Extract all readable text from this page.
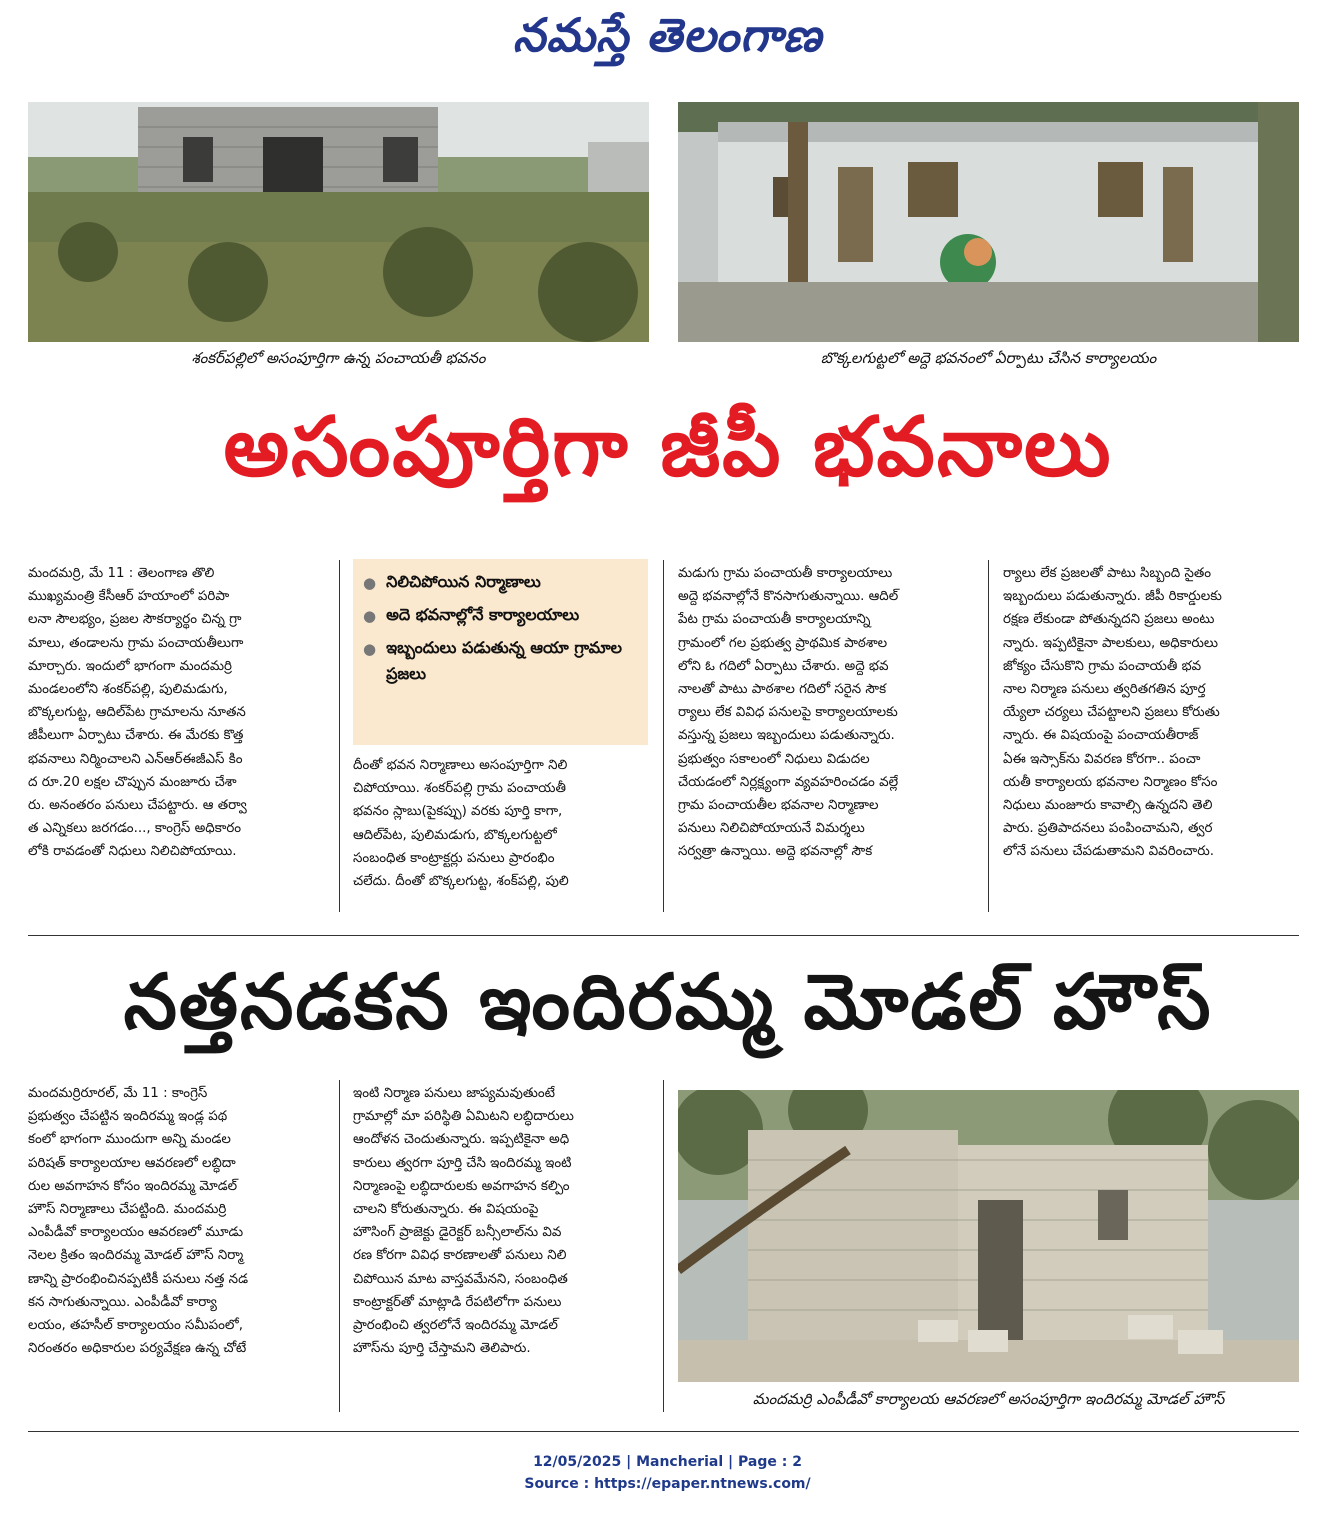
నమస్తే తెలంగాణ
శంకర్‌పల్లిలో అసంపూర్తిగా ఉన్న పంచాయతీ భవనం	బొక్కలగుట్టలో అద్దె భవనంలో ఏర్పాటు చేసిన కార్యాలయం
అసంపూర్తిగా జీపీ భవనాలు
మందమర్రి, మే 11 : తెలంగాణ తొలి
ముఖ్యమంత్రి కేసీఆర్ హయాంలో పరిపా
లనా సౌలభ్యం, ప్రజల సౌకర్యార్థం చిన్న గ్రా
మాలు, తండాలను గ్రామ పంచాయతీలుగా
మార్చారు. ఇందులో భాగంగా మందమర్రి
మండలంలోని శంకర్‌పల్లి, పులిమడుగు,
బొక్కలగుట్ట, ఆదిల్‌పేట గ్రామాలను నూతన
జీపీలుగా ఏర్పాటు చేశారు. ఈ మేరకు కొత్త
భవనాలు నిర్మించాలని ఎన్‌ఆర్‌ఈజీఎస్ కిం
ద రూ.20 లక్షల చొప్పున మంజూరు చేశా
రు. అనంతరం పనులు చేపట్టారు. ఆ తర్వా
త ఎన్నికలు జరగడం..., కాంగ్రెస్ అధికారం
లోకి రావడంతో నిధులు నిలిచిపోయాయి.
● నిలిచిపోయిన నిర్మాణాలు
● అదె భవనాల్లోనే కార్యాలయాలు
● ఇబ్బందులు పడుతున్న ఆయా గ్రామాల ప్రజలు
దీంతో భవన నిర్మాణాలు అసంపూర్తిగా నిలి
చిపోయాయి. శంకర్‌పల్లి గ్రామ పంచాయతీ
భవనం స్లాబు(పైకప్పు) వరకు పూర్తి కాగా,
ఆదిల్‌పేట, పులిమడుగు, బొక్కలగుట్టలో
సంబంధిత కాంట్రాక్టర్లు పనులు ప్రారంభిం
చలేదు. దీంతో బొక్కలగుట్ట, శంక్‌పల్లి, పులి
మడుగు గ్రామ పంచాయతీ కార్యాలయాలు
అద్దె భవనాల్లోనే కొనసాగుతున్నాయి. ఆదిల్
పేట గ్రామ పంచాయతీ కార్యాలయాన్ని
గ్రామంలో గల ప్రభుత్వ ప్రాథమిక పాఠశాల
లోని ఓ గదిలో ఏర్పాటు చేశారు. అద్దె భవ
నాలతో పాటు పాఠశాల గదిలో సరైన సౌక
ర్యాలు లేక వివిధ పనులపై కార్యాలయాలకు
వస్తున్న ప్రజలు ఇబ్బందులు పడుతున్నారు.
ప్రభుత్వం సకాలంలో నిధులు విడుదల
చేయడంలో నిర్లక్ష్యంగా వ్యవహరించడం వల్లే
గ్రామ పంచాయతీల భవనాల నిర్మాణాల
పనులు నిలిచిపోయాయనే విమర్శలు
సర్వత్రా ఉన్నాయి. అద్దె భవనాల్లో సౌక
ర్యాలు లేక ప్రజలతో పాటు సిబ్బంది సైతం
ఇబ్బందులు పడుతున్నారు. జీపీ రికార్డులకు
రక్షణ లేకుండా పోతున్నదని ప్రజలు అంటు
న్నారు. ఇప్పటికైనా పాలకులు, అధికారులు
జోక్యం చేసుకొని గ్రామ పంచాయతీ భవ
నాల నిర్మాణ పనులు త్వరితగతిన పూర్త
య్యేలా చర్యలు చేపట్టాలని ప్రజలు కోరుతు
న్నారు. ఈ విషయంపై పంచాయతీరాజ్
ఏఈ ఇస్సాక్‌ను వివరణ కోరగా.. పంచా
యతీ కార్యాలయ భవనాల నిర్మాణం కోసం
నిధులు మంజూరు కావాల్సి ఉన్నదని తెలి
పారు. ప్రతిపాదనలు పంపించామని, త్వర
లోనే పనులు చేపడుతామని వివరించారు.
నత్తనడకన ఇందిరమ్మ మోడల్ హౌస్
మందమర్రిరూరల్, మే 11 : కాంగ్రెస్
ప్రభుత్వం చేపట్టిన ఇందిరమ్మ ఇండ్ల పథ
కంలో భాగంగా ముందుగా అన్ని మండల
పరిషత్ కార్యాలయాల ఆవరణలో లబ్ధిదా
రుల అవగాహన కోసం ఇందిరమ్మ మోడల్
హౌస్ నిర్మాణాలు చేపట్టింది. మందమర్రి
ఎంపీడీవో కార్యాలయం ఆవరణలో మూడు
నెలల క్రితం ఇందిరమ్మ మోడల్ హౌస్ నిర్మా
ణాన్ని ప్రారంభించినప్పటికీ పనులు నత్త నడ
కన సాగుతున్నాయి. ఎంపీడీవో కార్యా
లయం, తహసీల్ కార్యాలయం సమీపంలో,
నిరంతరం అధికారుల పర్యవేక్షణ ఉన్న చోటే
ఇంటి నిర్మాణ పనులు జాప్యమవుతుంటే
గ్రామాల్లో మా పరిస్థితి ఏమిటని లబ్ధిదారులు
ఆందోళన చెందుతున్నారు. ఇప్పటికైనా అధి
కారులు త్వరగా పూర్తి చేసి ఇందిరమ్మ ఇంటి
నిర్మాణంపై లబ్ధిదారులకు అవగాహన కల్పిం
చాలని కోరుతున్నారు. ఈ విషయంపై
హౌసింగ్ ప్రాజెక్టు డైరెక్టర్ బన్సీలాల్‌ను వివ
రణ కోరగా వివిధ కారణాలతో పనులు నిలి
చిపోయిన మాట వాస్తవమేనని, సంబంధిత
కాంట్రాక్టర్‌తో మాట్లాడి రేపటిలోగా పనులు
ప్రారంభించి త్వరలోనే ఇందిరమ్మ మోడల్
హౌస్‌ను పూర్తి చేస్తామని తెలిపారు.
మందమర్రి ఎంపీడీవో కార్యాలయ ఆవరణలో అసంపూర్తిగా ఇందిరమ్మ మోడల్ హౌస్
12/05/2025 | Mancherial | Page : 2
Source : https://epaper.ntnews.com/
